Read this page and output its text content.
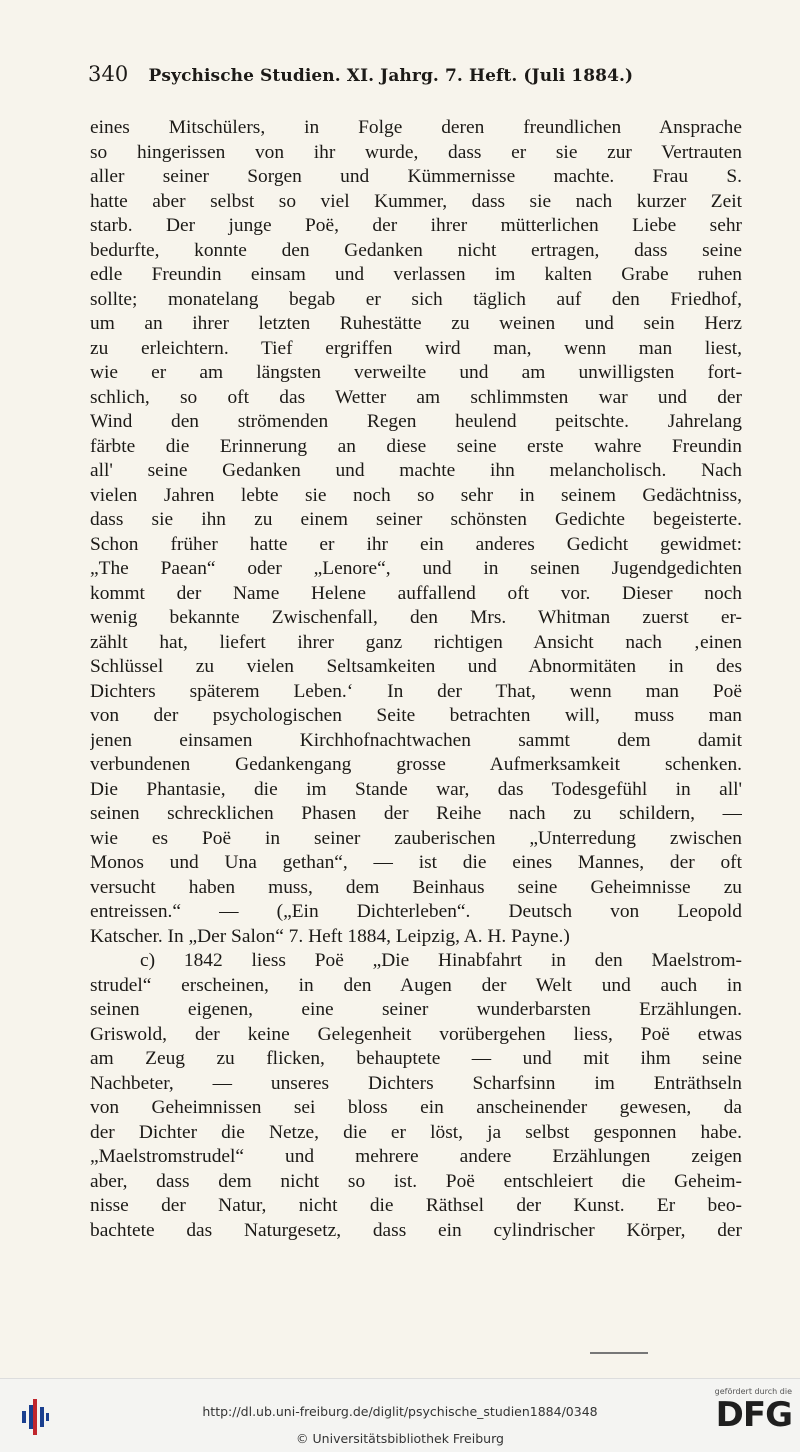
340 Psychische Studien. XI. Jahrg. 7. Heft. (Juli 1884.)
eines Mitschülers, in Folge deren freundlichen Ansprache
so hingerissen von ihr wurde, dass er sie zur Vertrauten
aller seiner Sorgen und Kümmernisse machte. Frau S.
hatte aber selbst so viel Kummer, dass sie nach kurzer Zeit
starb. Der junge Poë, der ihrer mütterlichen Liebe sehr
bedurfte, konnte den Gedanken nicht ertragen, dass seine
edle Freundin einsam und verlassen im kalten Grabe ruhen
sollte; monatelang begab er sich täglich auf den Friedhof,
um an ihrer letzten Ruhestätte zu weinen und sein Herz
zu erleichtern. Tief ergriffen wird man, wenn man liest,
wie er am längsten verweilte und am unwilligsten fort-
schlich, so oft das Wetter am schlimmsten war und der
Wind den strömenden Regen heulend peitschte. Jahrelang
färbte die Erinnerung an diese seine erste wahre Freundin
all' seine Gedanken und machte ihn melancholisch. Nach
vielen Jahren lebte sie noch so sehr in seinem Gedächtniss,
dass sie ihn zu einem seiner schönsten Gedichte begeisterte.
Schon früher hatte er ihr ein anderes Gedicht gewidmet:
„The Paean“ oder „Lenore“, und in seinen Jugendgedichten
kommt der Name Helene auffallend oft vor. Dieser noch
wenig bekannte Zwischenfall, den Mrs. Whitman zuerst er-
zählt hat, liefert ihrer ganz richtigen Ansicht nach ‚einen
Schlüssel zu vielen Seltsamkeiten und Abnormitäten in des
Dichters späterem Leben.‘ In der That, wenn man Poë
von der psychologischen Seite betrachten will, muss man
jenen einsamen Kirchhofnachtwachen sammt dem damit
verbundenen Gedankengang grosse Aufmerksamkeit schenken.
Die Phantasie, die im Stande war, das Todesgefühl in all'
seinen schrecklichen Phasen der Reihe nach zu schildern, —
wie es Poë in seiner zauberischen „Unterredung zwischen
Monos und Una gethan“, — ist die eines Mannes, der oft
versucht haben muss, dem Beinhaus seine Geheimnisse zu
entreissen.“ — („Ein Dichterleben“. Deutsch von Leopold
Katscher. In „Der Salon“ 7. Heft 1884, Leipzig, A. H. Payne.)
c) 1842 liess Poë „Die Hinabfahrt in den Maelstrom-
strudel“ erscheinen, in den Augen der Welt und auch in
seinen eigenen, eine seiner wunderbarsten Erzählungen.
Griswold, der keine Gelegenheit vorübergehen liess, Poë etwas
am Zeug zu flicken, behauptete — und mit ihm seine
Nachbeter, — unseres Dichters Scharfsinn im Enträthseln
von Geheimnissen sei bloss ein anscheinender gewesen, da
der Dichter die Netze, die er löst, ja selbst gesponnen habe.
„Maelstromstrudel“ und mehrere andere Erzählungen zeigen
aber, dass dem nicht so ist. Poë entschleiert die Geheim-
nisse der Natur, nicht die Räthsel der Kunst. Er beo-
bachtete das Naturgesetz, dass ein cylindrischer Körper, der
http://dl.ub.uni-freiburg.de/diglit/psychische_studien1884/0348
© Universitätsbibliothek Freiburg
gefördert durch die
DFG
